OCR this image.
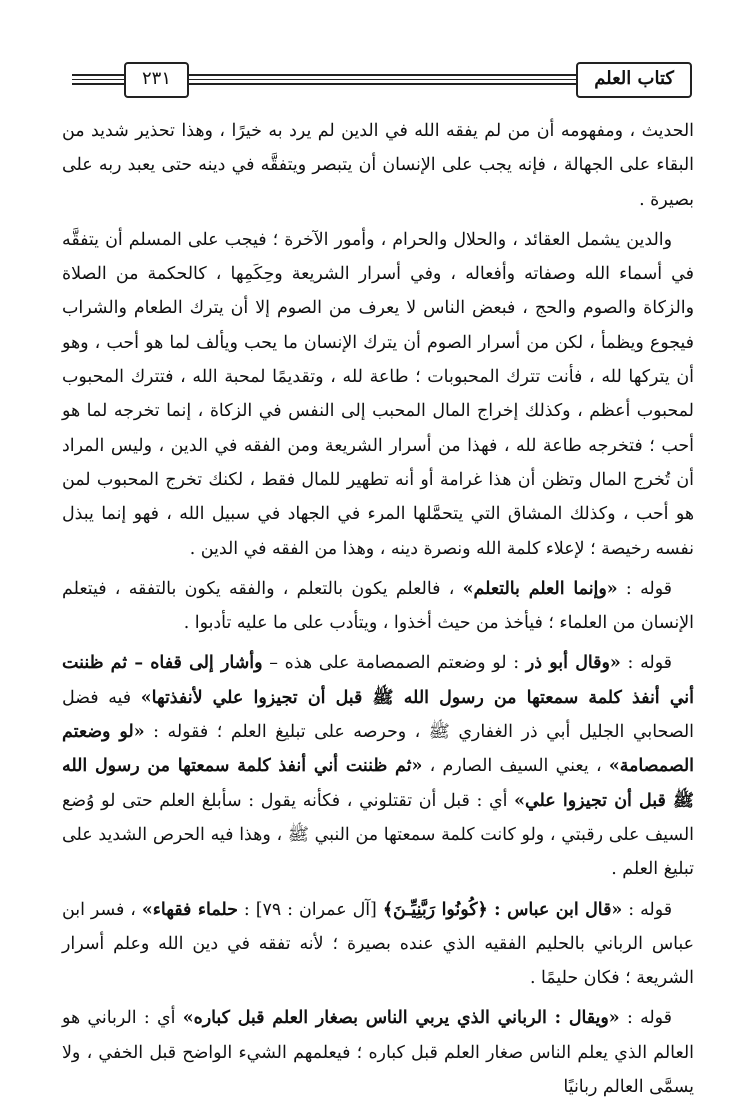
كتاب العلم
٢٣١

الحديث ، ومفهومه أن من لم يفقه الله في الدين لم يرد به خيرًا ، وهذا تحذير شديد من البقاء على الجهالة ، فإنه يجب على الإنسان أن يتبصر ويتفقَّه في دينه حتى يعبد ربه على بصيرة .

والدين يشمل العقائد ، والحلال والحرام ، وأمور الآخرة ؛ فيجب على المسلم أن يتفقَّه في أسماء الله وصفاته وأفعاله ، وفي أسرار الشريعة وحِكَمِها ، كالحكمة من الصلاة والزكاة والصوم والحج ، فبعض الناس لا يعرف من الصوم إلا أن يترك الطعام والشراب فيجوع ويظمأ ، لكن من أسرار الصوم أن يترك الإنسان ما يحب ويألف لما هو أحب ، وهو أن يتركها لله ، فأنت تترك المحبوبات ؛ طاعة لله ، وتقديمًا لمحبة الله ، فتترك المحبوب لمحبوب أعظم ، وكذلك إخراج المال المحبب إلى النفس في الزكاة ، إنما تخرجه لما هو أحب ؛ فتخرجه طاعة لله ، فهذا من أسرار الشريعة ومن الفقه في الدين ، وليس المراد أن تُخرج المال وتظن أن هذا غرامة أو أنه تطهير للمال فقط ، لكنك تخرج المحبوب لمن هو أحب ، وكذلك المشاق التي يتحمَّلها المرء في الجهاد في سبيل الله ، فهو إنما يبذل نفسه رخيصة ؛ لإعلاء كلمة الله ونصرة دينه ، وهذا من الفقه في الدين .

قوله : «وإنما العلم بالتعلم» ، فالعلم يكون بالتعلم ، والفقه يكون بالتفقه ، فيتعلم الإنسان من العلماء ؛ فيأخذ من حيث أخذوا ، ويتأدب على ما عليه تأدبوا .

قوله : «وقال أبو ذر : لو وضعتم الصمصامة على هذه – وأشار إلى قفاه – ثم ظننت أني أنفذ كلمة سمعتها من رسول الله ﷺ قبل أن تجيزوا علي لأنفذتها» فيه فضل الصحابي الجليل أبي ذر الغفاري ﷺ ، وحرصه على تبليغ العلم ؛ فقوله : «لو وضعتم الصمصامة» ، يعني السيف الصارم ، «ثم ظننت أني أنفذ كلمة سمعتها من رسول الله ﷺ قبل أن تجيزوا علي» أي : قبل أن تقتلوني ، فكأنه يقول : سأبلغ العلم حتى لو وُضع السيف على رقبتي ، ولو كانت كلمة سمعتها من النبي ﷺ ، وهذا فيه الحرص الشديد على تبليغ العلم .

قوله : «قال ابن عباس : ﴿كُونُوا رَبَّنِيِّـنَ﴾ [آل عمران : ٧٩] : حلماء فقهاء» ، فسر ابن عباس الرباني بالحليم الفقيه الذي عنده بصيرة ؛ لأنه تفقه في دين الله وعلم أسرار الشريعة ؛ فكان حليمًا .

قوله : «ويقال : الرباني الذي يربي الناس بصغار العلم قبل كباره» أي : الرباني هو العالم الذي يعلم الناس صغار العلم قبل كباره ؛ فيعلمهم الشيء الواضح قبل الخفي ، ولا يسمَّى العالم ربانيًا
